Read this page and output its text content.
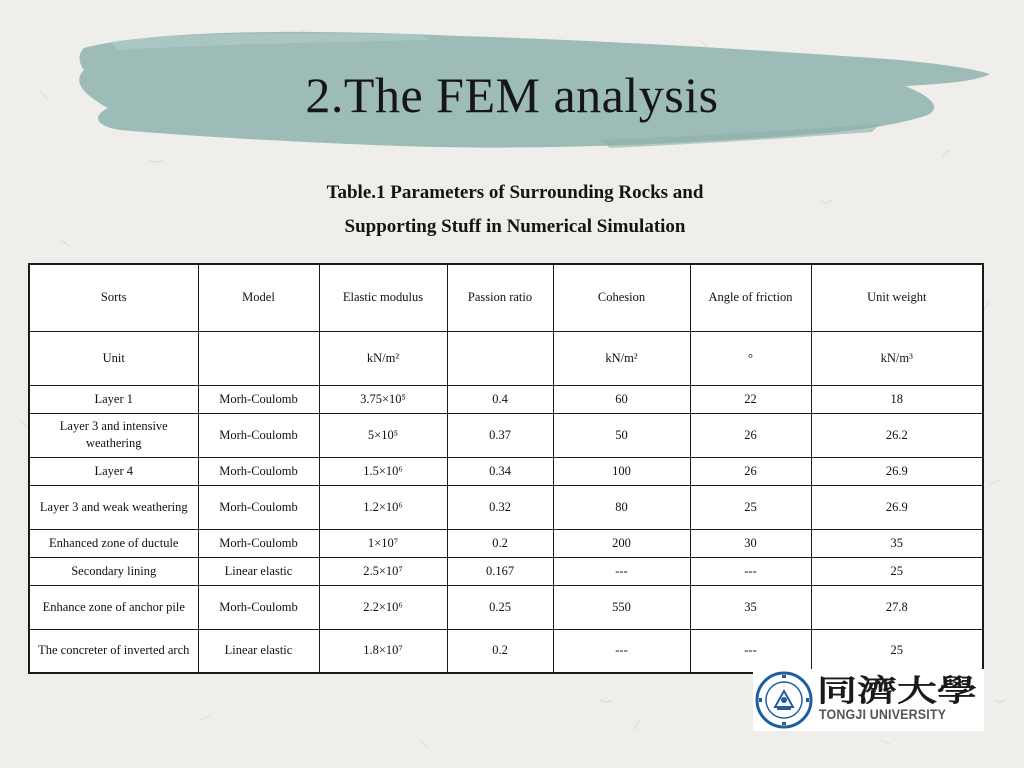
2.The FEM analysis
Table.1 Parameters of Surrounding Rocks and
Supporting Stuff in Numerical Simulation
Sorts	Model	Elastic modulus	Passion ratio	Cohesion	Angle of friction	Unit weight
Unit		kN/m²		kN/m²	°	kN/m³
Layer 1	Morh-Coulomb	3.75×10⁵	0.4	60	22	18
Layer 3 and intensive weathering	Morh-Coulomb	5×10⁵	0.37	50	26	26.2
Layer 4	Morh-Coulomb	1.5×10⁶	0.34	100	26	26.9
Layer 3 and weak weathering	Morh-Coulomb	1.2×10⁶	0.32	80	25	26.9
Enhanced zone of ductule	Morh-Coulomb	1×10⁷	0.2	200	30	35
Secondary lining	Linear elastic	2.5×10⁷	0.167	---	---	25
Enhance zone of anchor pile	Morh-Coulomb	2.2×10⁶	0.25	550	35	27.8
The concreter of inverted arch	Linear elastic	1.8×10⁷	0.2	---	---	25
同濟大學
TONGJI UNIVERSITY
